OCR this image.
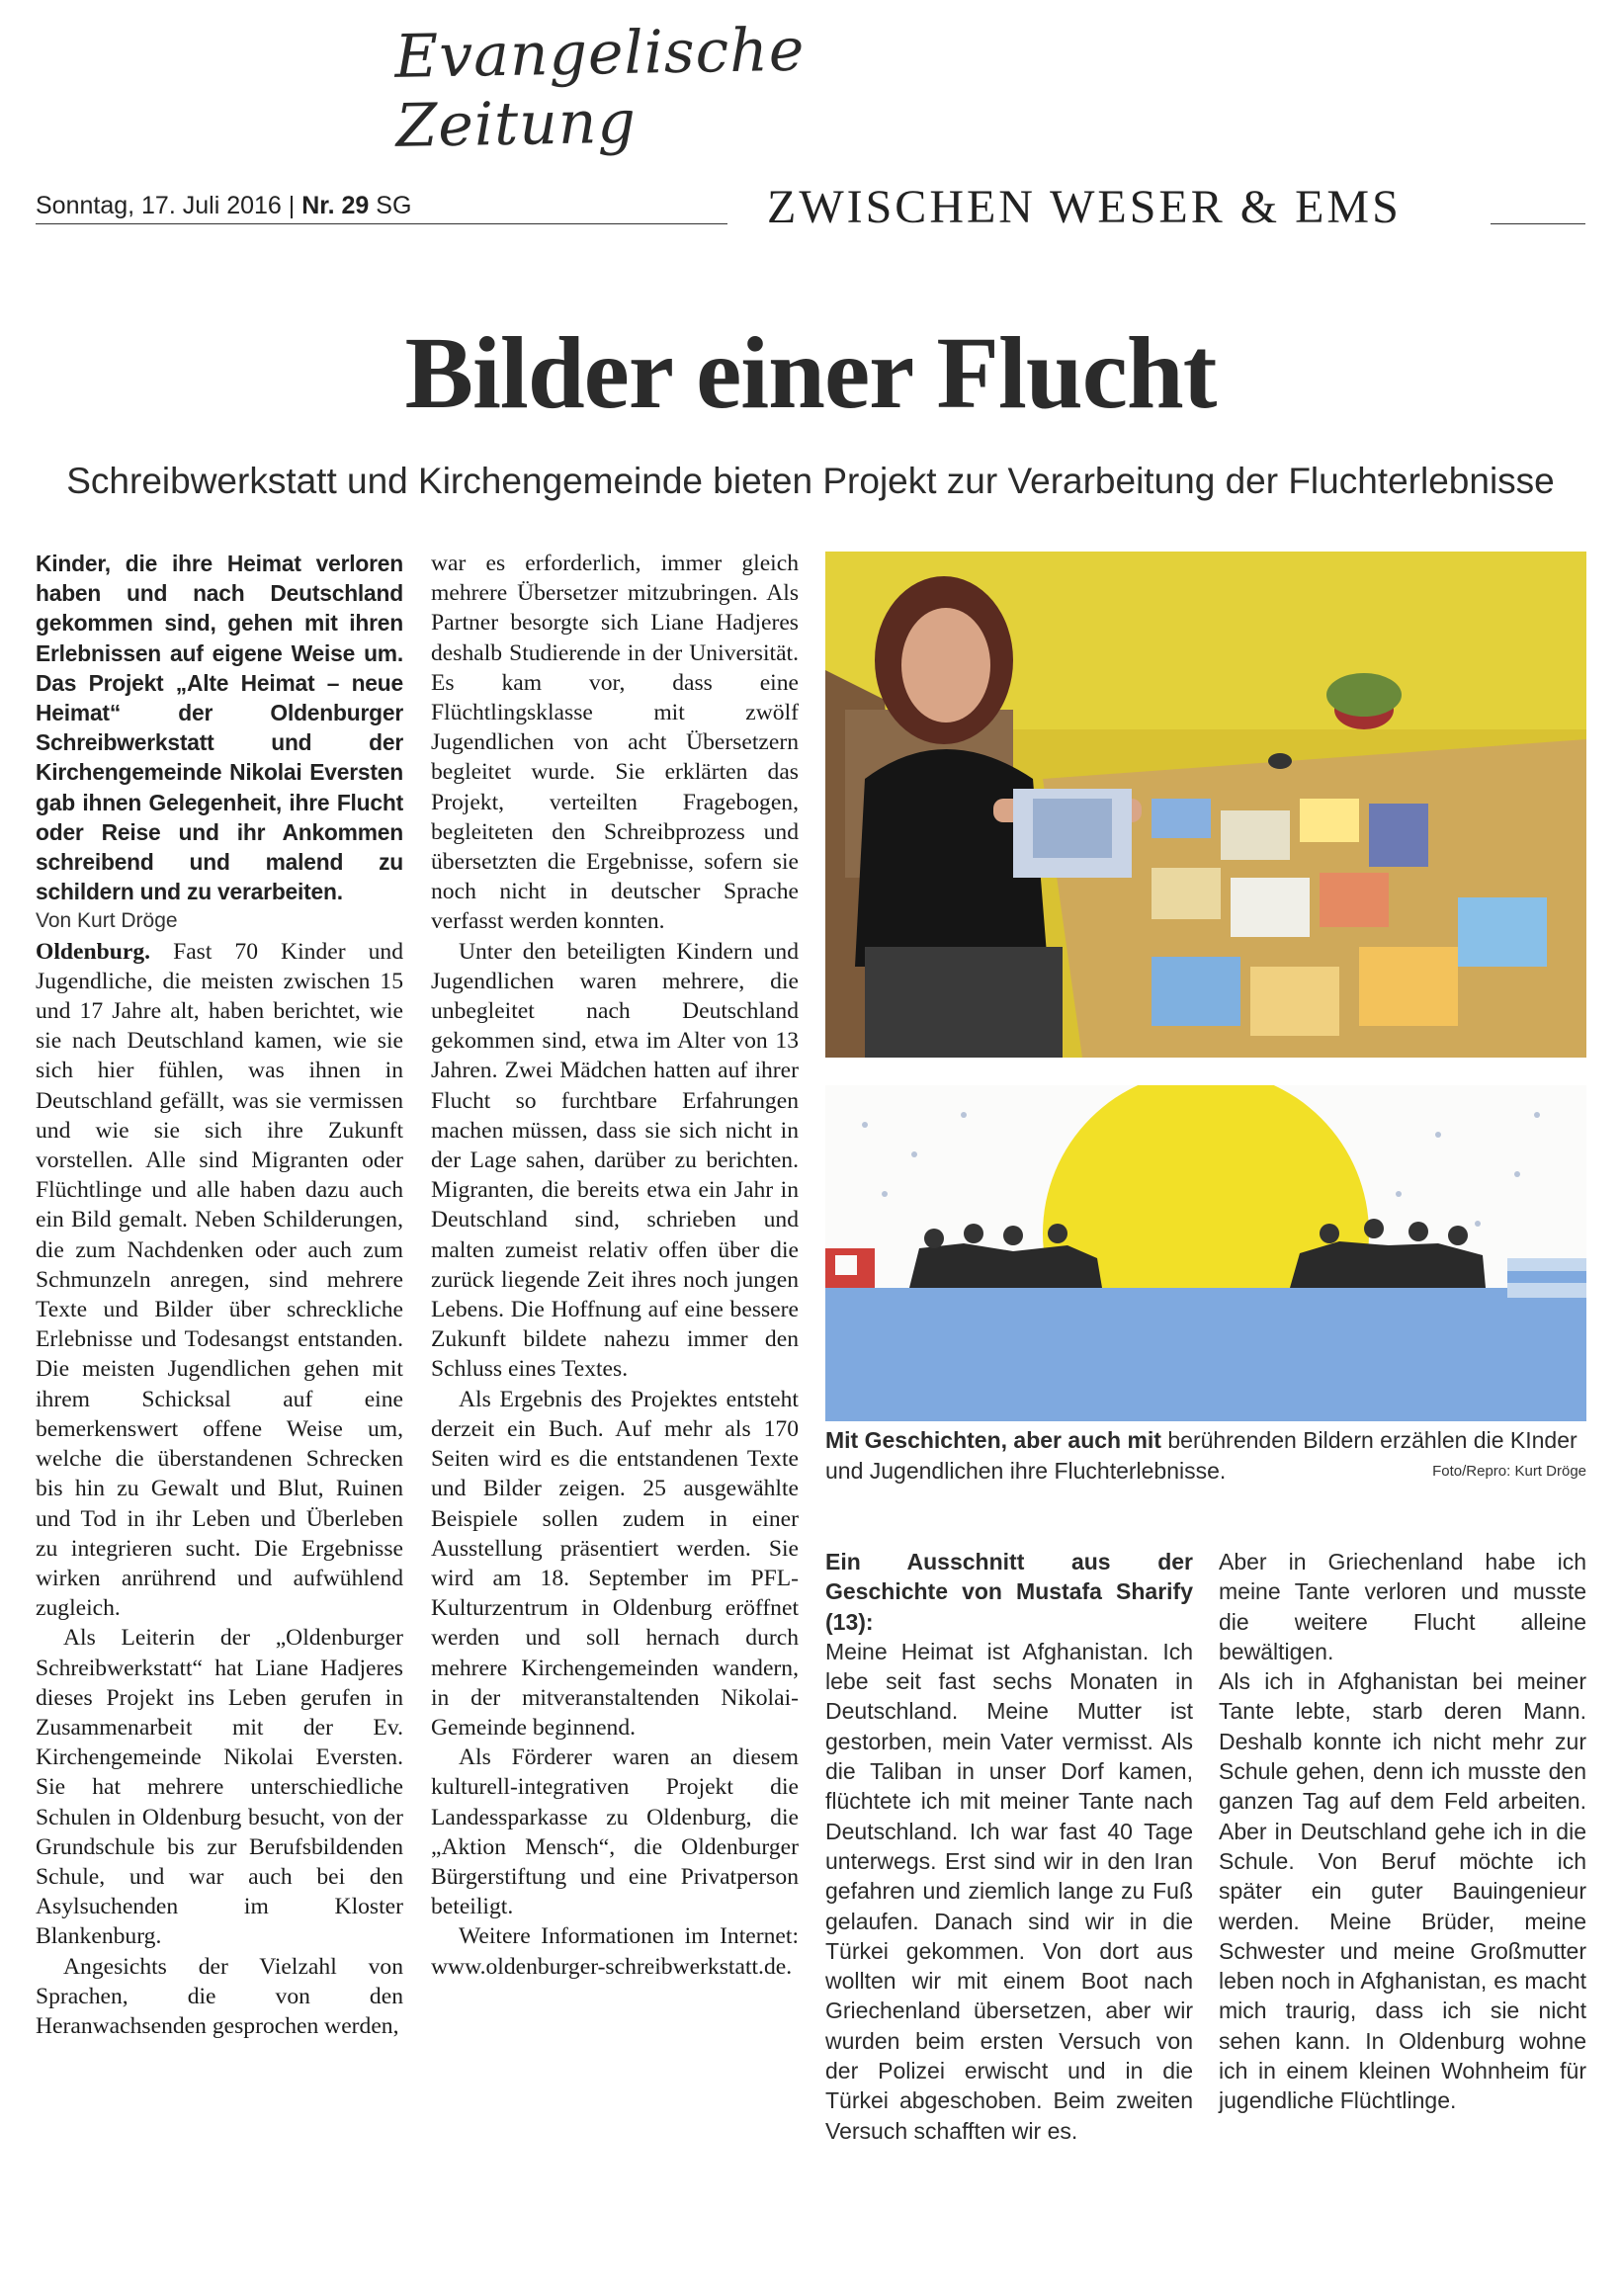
Evangelische Zeitung
Sonntag, 17. Juli 2016 | Nr. 29 SG	ZWISCHEN WESER & EMS
Bilder einer Flucht
Schreibwerkstatt und Kirchengemeinde bieten Projekt zur Verarbeitung der Fluchterlebnisse

Kinder, die ihre Heimat verloren haben und nach Deutschland gekommen sind, gehen mit ihren Erlebnissen auf eigene Weise um. Das Projekt „Alte Heimat – neue Heimat“ der Oldenburger Schreibwerkstatt und der Kirchengemeinde Nikolai Eversten gab ihnen Gelegenheit, ihre Flucht oder Reise und ihr Ankommen schreibend und malend zu schildern und zu verarbeiten.

Von Kurt Dröge

Oldenburg. Fast 70 Kinder und Jugendliche, die meisten zwischen 15 und 17 Jahre alt, haben berichtet, wie sie nach Deutschland kamen, wie sie sich hier fühlen, was ihnen in Deutschland gefällt, was sie vermissen und wie sie sich ihre Zukunft vorstellen. Alle sind Migranten oder Flüchtlinge und alle haben dazu auch ein Bild gemalt. Neben Schilderungen, die zum Nachdenken oder auch zum Schmunzeln anregen, sind mehrere Texte und Bilder über schreckliche Erlebnisse und Todesangst entstanden. Die meisten Jugendlichen gehen mit ihrem Schicksal auf eine bemerkenswert offene Weise um, welche die überstandenen Schrecken bis hin zu Gewalt und Blut, Ruinen und Tod in ihr Leben und Überleben zu integrieren sucht. Die Ergebnisse wirken anrührend und aufwühlend zugleich.

Als Leiterin der „Oldenburger Schreibwerkstatt“ hat Liane Hadjeres dieses Projekt ins Leben gerufen in Zusammenarbeit mit der Ev. Kirchengemeinde Nikolai Eversten. Sie hat mehrere unterschiedliche Schulen in Oldenburg besucht, von der Grundschule bis zur Berufsbildenden Schule, und war auch bei den Asylsuchenden im Kloster Blankenburg.

Angesichts der Vielzahl von Sprachen, die von den Heranwachsenden gesprochen werden,

war es erforderlich, immer gleich mehrere Übersetzer mitzubringen. Als Partner besorgte sich Liane Hadjeres deshalb Studierende in der Universität. Es kam vor, dass eine Flüchtlingsklasse mit zwölf Jugendlichen von acht Übersetzern begleitet wurde. Sie erklärten das Projekt, verteilten Fragebogen, begleiteten den Schreibprozess und übersetzten die Ergebnisse, sofern sie noch nicht in deutscher Sprache verfasst werden konnten.

Unter den beteiligten Kindern und Jugendlichen waren mehrere, die unbegleitet nach Deutschland gekommen sind, etwa im Alter von 13 Jahren. Zwei Mädchen hatten auf ihrer Flucht so furchtbare Erfahrungen machen müssen, dass sie sich nicht in der Lage sahen, darüber zu berichten. Migranten, die bereits etwa ein Jahr in Deutschland sind, schrieben und malten zumeist relativ offen über die zurück liegende Zeit ihres noch jungen Lebens. Die Hoffnung auf eine bessere Zukunft bildete nahezu immer den Schluss eines Textes.

Als Ergebnis des Projektes entsteht derzeit ein Buch. Auf mehr als 170 Seiten wird es die entstandenen Texte und Bilder zeigen. 25 ausgewählte Beispiele sollen zudem in einer Ausstellung präsentiert werden. Sie wird am 18. September im PFL-Kulturzentrum in Oldenburg eröffnet werden und soll hernach durch mehrere Kirchengemeinden wandern, in der mitveranstaltenden Nikolai-Gemeinde beginnend.

Als Förderer waren an diesem kulturell-integrativen Projekt die Landessparkasse zu Oldenburg, die „Aktion Mensch“, die Oldenburger Bürgerstiftung und eine Privatperson beteiligt.

Weitere Informationen im Internet: www.oldenburger-schreibwerkstatt.de.

Mit Geschichten, aber auch mit berührenden Bildern erzählen die KInder und Jugendlichen ihre Fluchterlebnisse.	Foto/Repro: Kurt Dröge

Ein Ausschnitt aus der Geschichte von Mustafa Sharify (13):

Meine Heimat ist Afghanistan. Ich lebe seit fast sechs Monaten in Deutschland. Meine Mutter ist gestorben, mein Vater vermisst. Als die Taliban in unser Dorf kamen, flüchtete ich mit meiner Tante nach Deutschland. Ich war fast 40 Tage unterwegs. Erst sind wir in den Iran gefahren und ziemlich lange zu Fuß gelaufen. Danach sind wir in die Türkei gekommen. Von dort aus wollten wir mit einem Boot nach Griechenland übersetzen, aber wir wurden beim ersten Versuch von der Polizei erwischt und in die Türkei abgeschoben. Beim zweiten Versuch schafften wir es.

Aber in Griechenland habe ich meine Tante verloren und musste die weitere Flucht alleine bewältigen.

Als ich in Afghanistan bei meiner Tante lebte, starb deren Mann. Deshalb konnte ich nicht mehr zur Schule gehen, denn ich musste den ganzen Tag auf dem Feld arbeiten. Aber in Deutschland gehe ich in die Schule. Von Beruf möchte ich später ein guter Bauingenieur werden. Meine Brüder, meine Schwester und meine Großmutter leben noch in Afghanistan, es macht mich traurig, dass ich sie nicht sehen kann. In Oldenburg wohne ich in einem kleinen Wohnheim für jugendliche Flüchtlinge.
